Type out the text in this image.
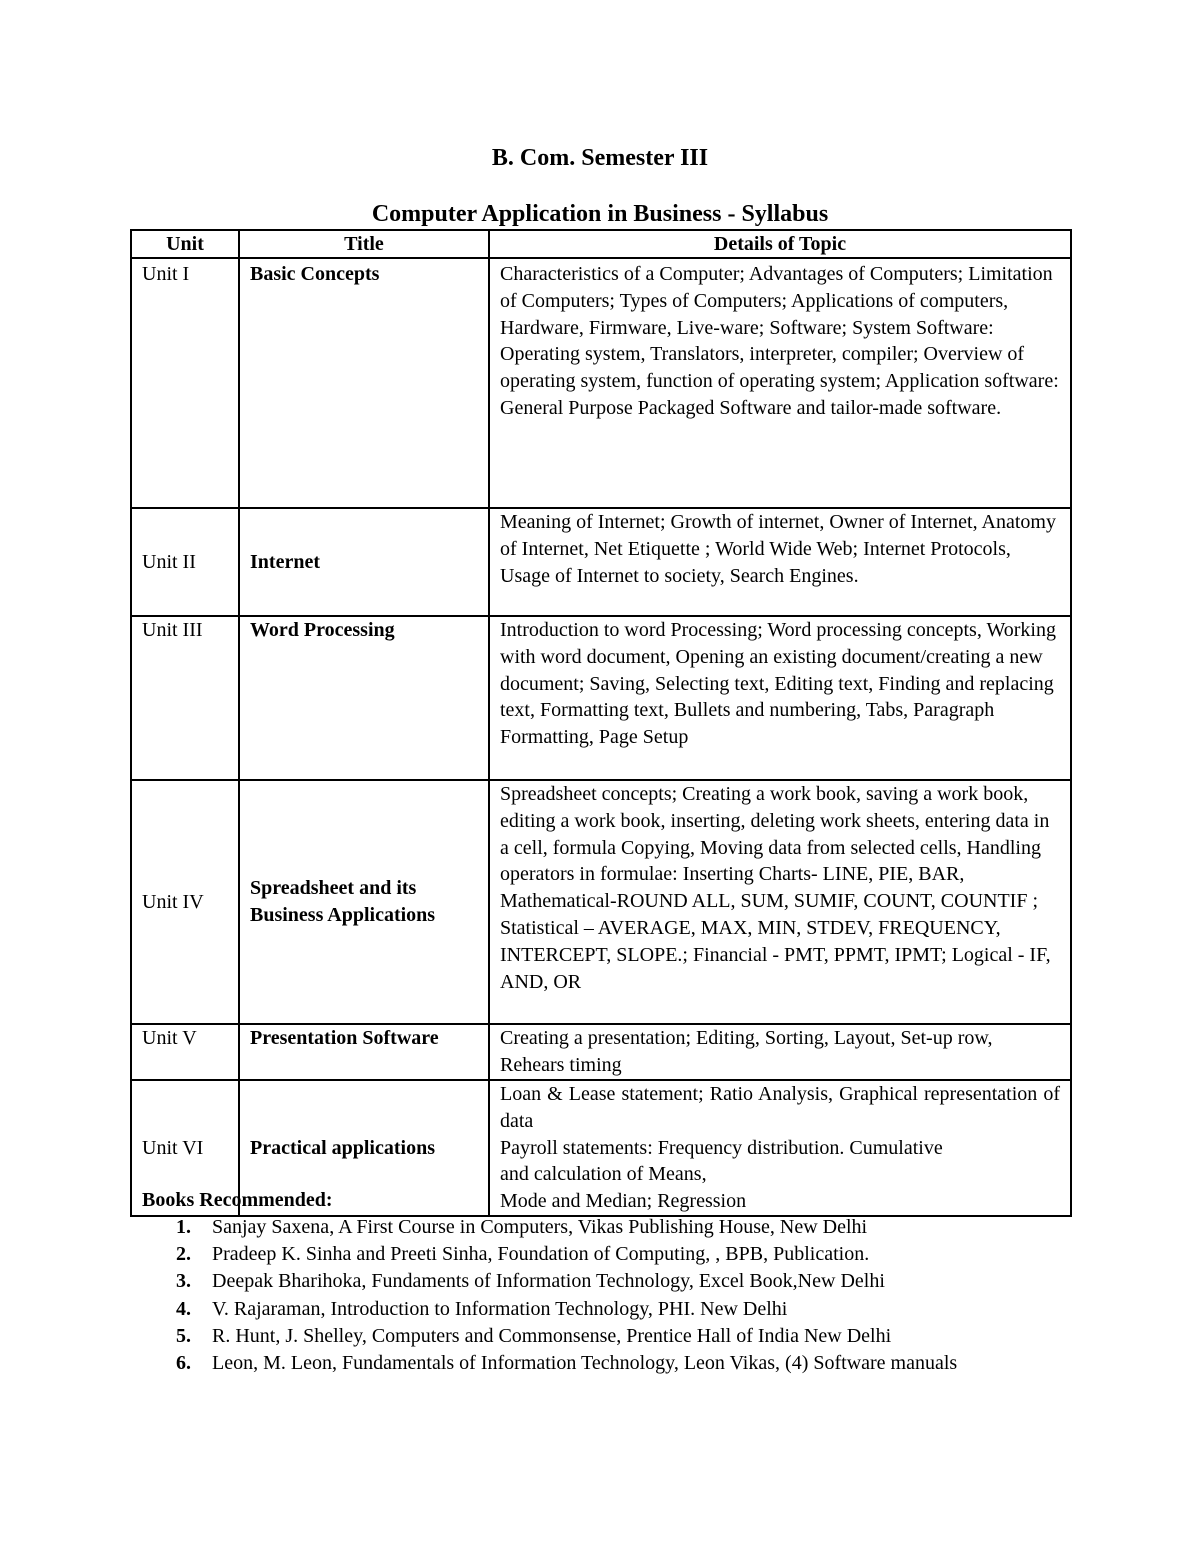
B. Com. Semester III
Computer Application in Business - Syllabus
Unit	Title	Details of Topic
Unit I	Basic Concepts	Characteristics of a Computer; Advantages of Computers; Limitation of Computers; Types of Computers; Applications of computers, Hardware, Firmware, Live-ware; Software; System Software: Operating system, Translators, interpreter, compiler; Overview of operating system, function of operating system; Application software: General Purpose Packaged Software and tailor-made software.
Unit II	Internet	Meaning of Internet; Growth of internet, Owner of Internet, Anatomy of Internet, Net Etiquette ; World Wide Web; Internet Protocols, Usage of Internet to society, Search Engines.
Unit III	Word Processing	Introduction to word Processing; Word processing concepts, Working with word document, Opening an existing document/creating a new document; Saving, Selecting text, Editing text, Finding and replacing text, Formatting text, Bullets and numbering, Tabs, Paragraph Formatting, Page Setup
Unit IV	Spreadsheet and its Business Applications	Spreadsheet concepts; Creating a work book, saving a work book, editing a work book, inserting, deleting work sheets, entering data in a cell, formula Copying, Moving data from selected cells, Handling operators in formulae: Inserting Charts- LINE, PIE, BAR, Mathematical-ROUND ALL, SUM, SUMIF, COUNT, COUNTIF ; Statistical – AVERAGE, MAX, MIN, STDEV, FREQUENCY, INTERCEPT, SLOPE.; Financial - PMT, PPMT, IPMT; Logical - IF, AND, OR
Unit V	Presentation Software	Creating a presentation; Editing, Sorting, Layout, Set-up row, Rehears timing
Unit VI	Practical applications	Loan & Lease statement; Ratio Analysis, Graphical representation of data
Payroll statements: Frequency distribution. Cumulative
and calculation of Means,
Mode and Median; Regression
Books Recommended:
1. Sanjay Saxena, A First Course in Computers, Vikas Publishing House, New Delhi
2. Pradeep K. Sinha and Preeti Sinha, Foundation of Computing, , BPB, Publication.
3. Deepak Bharihoka, Fundaments of Information Technology, Excel Book,New Delhi
4. V. Rajaraman, Introduction to Information Technology, PHI. New Delhi
5. R. Hunt, J. Shelley, Computers and Commonsense, Prentice Hall of India New Delhi
6. Leon, M. Leon, Fundamentals of Information Technology, Leon Vikas, (4) Software manuals
